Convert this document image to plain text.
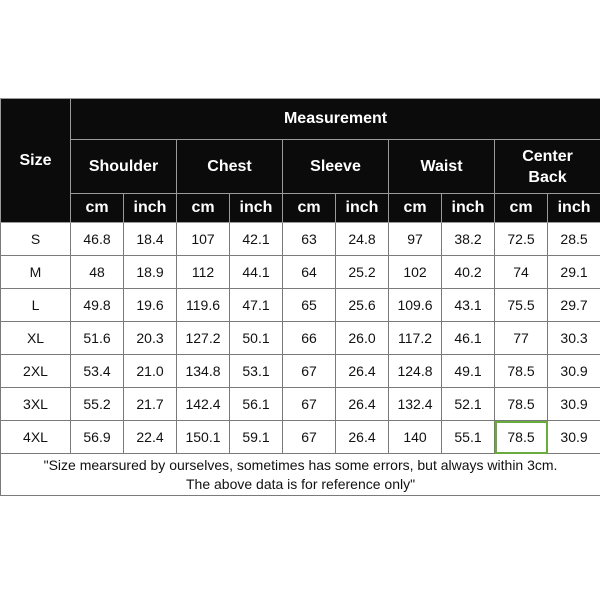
Size	Measurement									
	Shoulder		Chest		Sleeve		Waist		Center Back	
	cm	inch	cm	inch	cm	inch	cm	inch	cm	inch
S	46.8	18.4	107	42.1	63	24.8	97	38.2	72.5	28.5
M	48	18.9	112	44.1	64	25.2	102	40.2	74	29.1
L	49.8	19.6	119.6	47.1	65	25.6	109.6	43.1	75.5	29.7
XL	51.6	20.3	127.2	50.1	66	26.0	117.2	46.1	77	30.3
2XL	53.4	21.0	134.8	53.1	67	26.4	124.8	49.1	78.5	30.9
3XL	55.2	21.7	142.4	56.1	67	26.4	132.4	52.1	78.5	30.9
4XL	56.9	22.4	150.1	59.1	67	26.4	140	55.1	78.5	30.9

"Size mearsured by ourselves, sometimes has some errors, but always within 3cm.
The above data is for reference only"										
